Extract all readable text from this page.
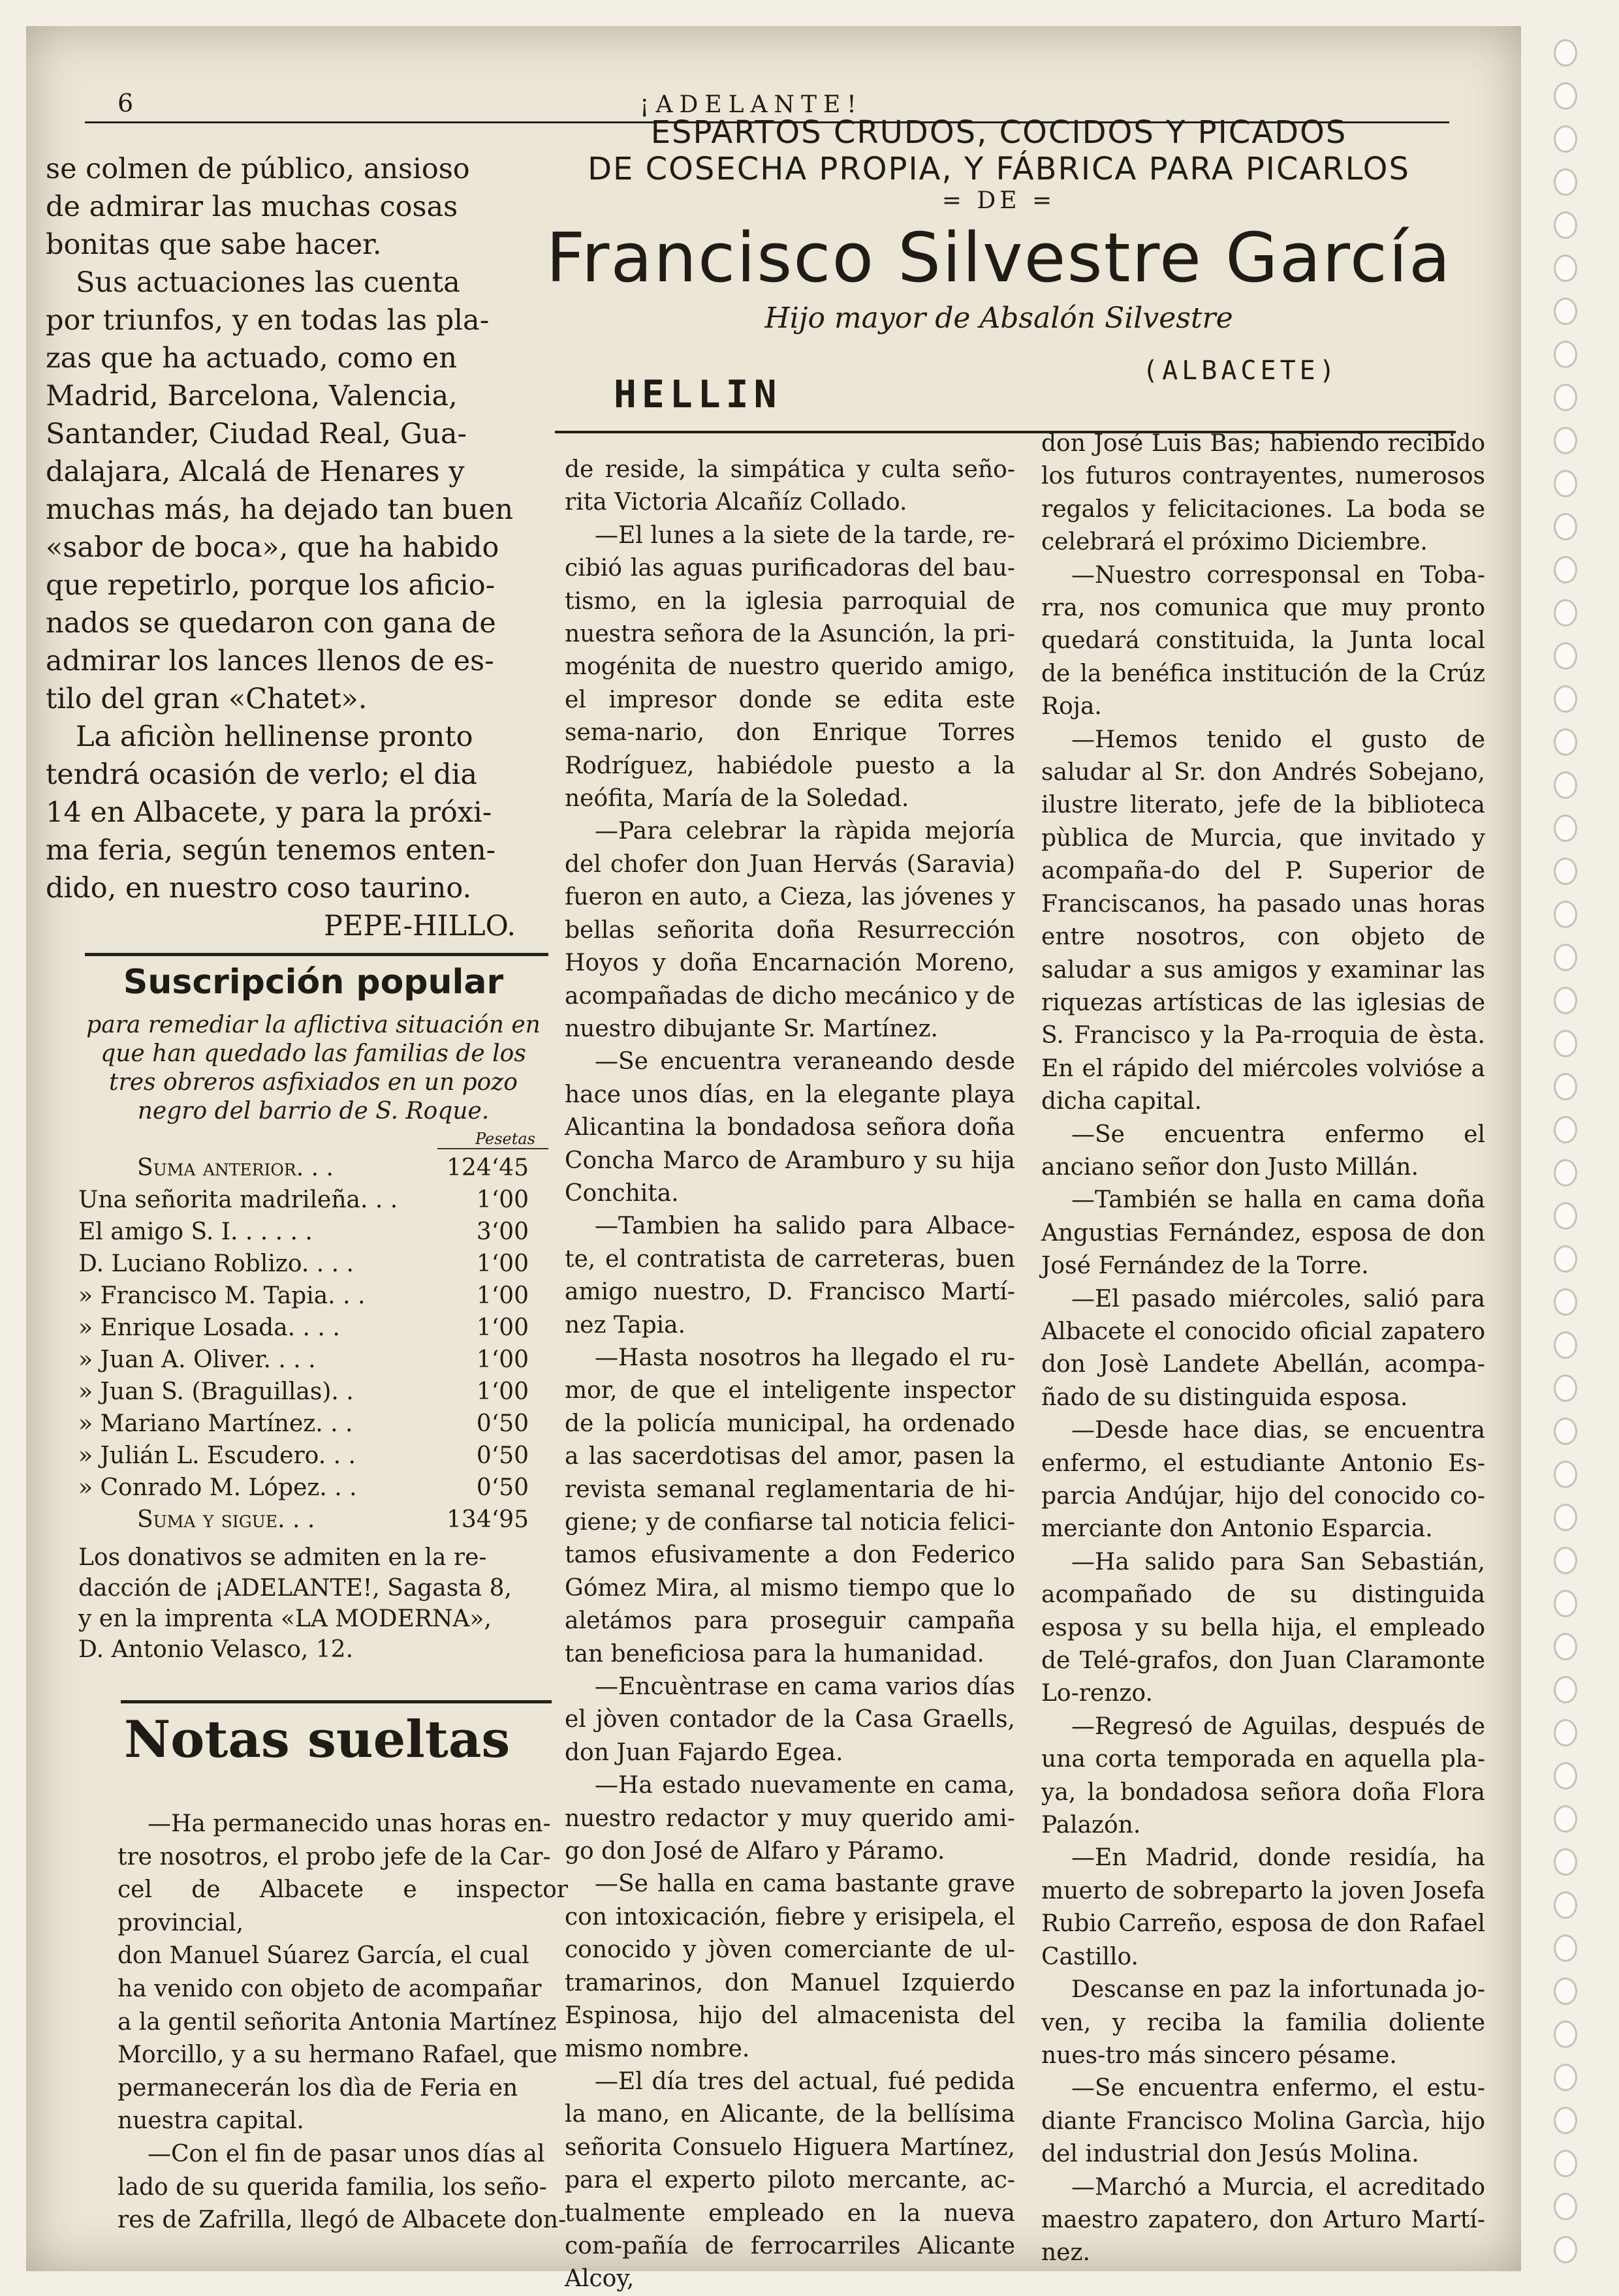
6	¡ADELANTE!

se colmen de público, ansioso

de admirar las muchas cosas

bonitas que sabe hacer.

Sus actuaciones las cuenta

por triunfos, y en todas las pla-

zas que ha actuado, como en

Madrid, Barcelona, Valencia,

Santander, Ciudad Real, Gua-

dalajara, Alcalá de Henares y

muchas más, ha dejado tan buen

«sabor de boca», que ha habido

que repetirlo, porque los aficio-

nados se quedaron con gana de

admirar los lances llenos de es-

tilo del gran «Chatet».

La aficiòn hellinense pronto

tendrá ocasión de verlo; el dia

14 en Albacete, y para la próxi-

ma feria, según tenemos enten-

dido, en nuestro coso taurino.

PEPE-HILLO.

ESPARTOS CRUDOS, COCIDOS Y PICADOS
DE COSECHA PROPIA, Y FÁBRICA PARA PICARLOS
= DE =
Francisco Silvestre García
Hijo mayor de Absalón Silvestre
HELLIN
(ALBACETE)
Suscripción popular
para remediar la aflictiva situación en que han quedado las familias de los tres obreros asfixiados en un pozo negro del barrio de S. Roque.
Pesetas
Suma anterior. . .	124‘45
Una señorita madrileña. . .	1‘00
El amigo S. I. . . . . .	3‘00
D. Luciano Roblizo. . . .	1‘00
» Francisco M. Tapia. . .	1‘00
» Enrique Losada. . . .	1‘00
» Juan A. Oliver. . . .	1‘00
» Juan S. (Braguillas). .	1‘00
» Mariano Martínez. . .	0‘50
» Julián L. Escudero. . .	0‘50
» Conrado M. López. . .	0‘50
Suma y sigue. . .	134‘95
Los donativos se admiten en la re-
dacción de ¡ADELANTE!, Sagasta 8,
y en la imprenta «LA MODERNA»,
D. Antonio Velasco, 12.
Notas sueltas

—Ha permanecido unas horas en-

tre nosotros, el probo jefe de la Car-

cel de Albacete e inspector provincial,

don Manuel Súarez García, el cual

ha venido con objeto de acompañar

a la gentil señorita Antonia Martínez

Morcillo, y a su hermano Rafael, que

permanecerán los dìa de Feria en

nuestra capital.

—Con el fin de pasar unos días al

lado de su querida familia, los seño-

res de Zafrilla, llegó de Albacete don-

de reside, la simpática y culta seño-rita Victoria Alcañíz Collado.

—El lunes a la siete de la tarde, re-cibió las aguas purificadoras del bau-tismo, en la iglesia parroquial de nuestra señora de la Asunción, la pri-mogénita de nuestro querido amigo, el impresor donde se edita este sema-nario, don Enrique Torres Rodríguez, habiédole puesto a la neófita, María de la Soledad.

—Para celebrar la ràpida mejoría del chofer don Juan Hervás (Saravia) fueron en auto, a Cieza, las jóvenes y bellas señorita doña Resurrección Hoyos y doña Encarnación Moreno, acompañadas de dicho mecánico y de nuestro dibujante Sr. Martínez.

—Se encuentra veraneando desde hace unos días, en la elegante playa Alicantina la bondadosa señora doña Concha Marco de Aramburo y su hija Conchita.

—Tambien ha salido para Albace-te, el contratista de carreteras, buen amigo nuestro, D. Francisco Martí-nez Tapia.

—Hasta nosotros ha llegado el ru-mor, de que el inteligente inspector de la policía municipal, ha ordenado a las sacerdotisas del amor, pasen la revista semanal reglamentaria de hi-giene; y de confiarse tal noticia felici-tamos efusivamente a don Federico Gómez Mira, al mismo tiempo que lo aletámos para proseguir campaña tan beneficiosa para la humanidad.

—Encuèntrase en cama varios días el jòven contador de la Casa Graells, don Juan Fajardo Egea.

—Ha estado nuevamente en cama, nuestro redactor y muy querido ami-go don José de Alfaro y Páramo.

—Se halla en cama bastante grave con intoxicación, fiebre y erisipela, el conocido y jòven comerciante de ul-tramarinos, don Manuel Izquierdo Espinosa, hijo del almacenista del mismo nombre.

—El día tres del actual, fué pedida la mano, en Alicante, de la bellísima señorita Consuelo Higuera Martínez, para el experto piloto mercante, ac-tualmente empleado en la nueva com-pañía de ferrocarriles Alicante Alcoy,

don José Luis Bas; habiendo recibido los futuros contrayentes, numerosos regalos y felicitaciones. La boda se celebrará el próximo Diciembre.

—Nuestro corresponsal en Toba-rra, nos comunica que muy pronto quedará constituida, la Junta local de la benéfica institución de la Crúz Roja.

—Hemos tenido el gusto de saludar al Sr. don Andrés Sobejano, ilustre literato, jefe de la biblioteca pùblica de Murcia, que invitado y acompaña-do del P. Superior de Franciscanos, ha pasado unas horas entre nosotros, con objeto de saludar a sus amigos y examinar las riquezas artísticas de las iglesias de S. Francisco y la Pa-rroquia de èsta. En el rápido del miércoles volvióse a dicha capital.

—Se encuentra enfermo el anciano señor don Justo Millán.

—También se halla en cama doña Angustias Fernández, esposa de don José Fernández de la Torre.

—El pasado miércoles, salió para Albacete el conocido oficial zapatero don Josè Landete Abellán, acompa-ñado de su distinguida esposa.

—Desde hace dias, se encuentra enfermo, el estudiante Antonio Es-parcia Andújar, hijo del conocido co-merciante don Antonio Esparcia.

—Ha salido para San Sebastián, acompañado de su distinguida esposa y su bella hija, el empleado de Telé-grafos, don Juan Claramonte Lo-renzo.

—Regresó de Aguilas, después de una corta temporada en aquella pla-ya, la bondadosa señora doña Flora Palazón.

—En Madrid, donde residía, ha muerto de sobreparto la joven Josefa Rubio Carreño, esposa de don Rafael Castillo.

Descanse en paz la infortunada jo-ven, y reciba la familia doliente nues-tro más sincero pésame.

—Se encuentra enfermo, el estu-diante Francisco Molina Garcìa, hijo del industrial don Jesús Molina.

—Marchó a Murcia, el acreditado maestro zapatero, don Arturo Martí-nez.
